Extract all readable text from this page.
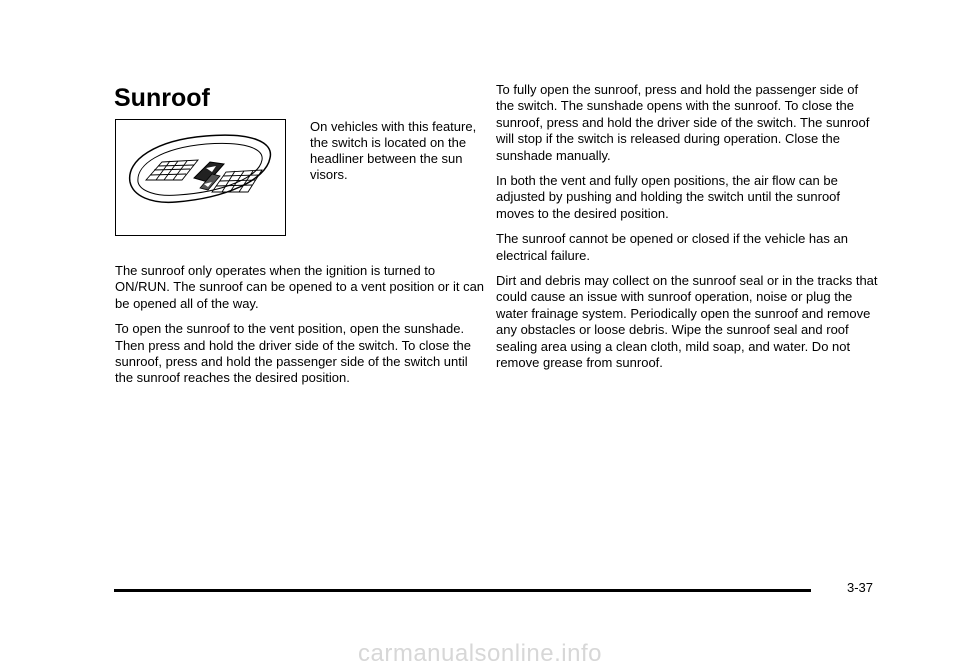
Sunroof

On vehicles with this feature, the switch is located on the headliner between the sun visors.

The sunroof only operates when the ignition is turned to ON/RUN. The sunroof can be opened to a vent position or it can be opened all of the way.

To open the sunroof to the vent position, open the sunshade. Then press and hold the driver side of the switch. To close the sunroof, press and hold the passenger side of the switch until the sunroof reaches the desired position.

To fully open the sunroof, press and hold the passenger side of the switch. The sunshade opens with the sunroof. To close the sunroof, press and hold the driver side of the switch. The sunroof will stop if the switch is released during operation. Close the sunshade manually.

In both the vent and fully open positions, the air flow can be adjusted by pushing and holding the switch until the sunroof moves to the desired position.

The sunroof cannot be opened or closed if the vehicle has an electrical failure.

Dirt and debris may collect on the sunroof seal or in the tracks that could cause an issue with sunroof operation, noise or plug the water frainage system. Periodically open the sunroof and remove any obstacles or loose debris. Wipe the sunroof seal and roof sealing area using a clean cloth, mild soap, and water. Do not remove grease from sunroof.

3-37
carmanualsonline.info
